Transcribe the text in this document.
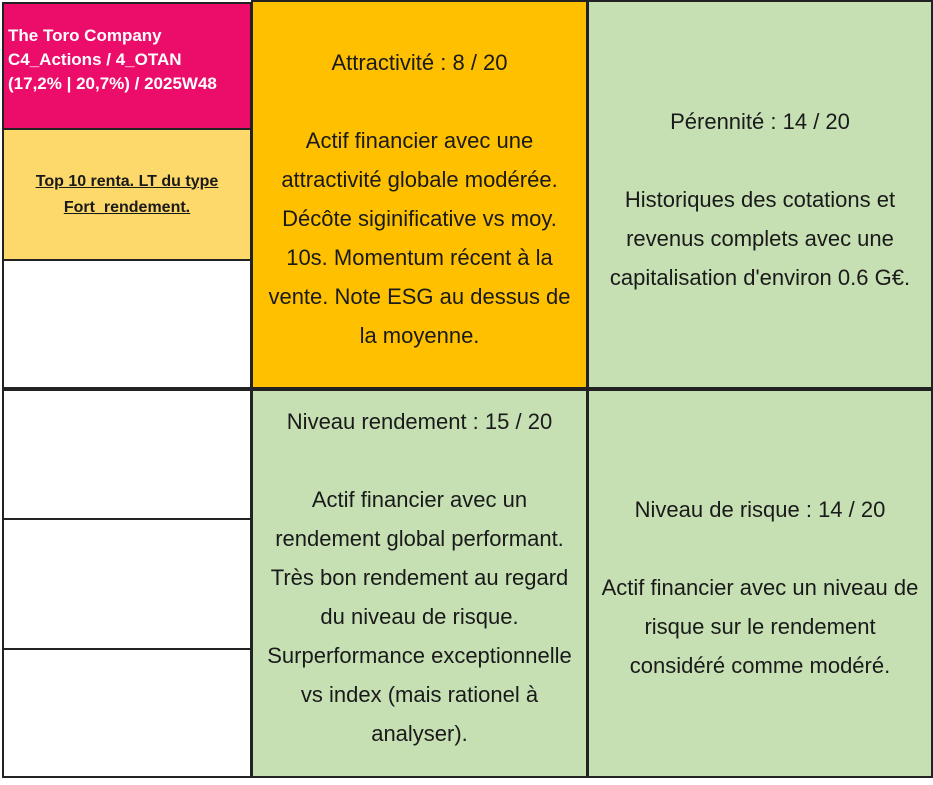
The Toro Company
C4_Actions / 4_OTAN
(17,2% | 20,7%) / 2025W48
Top 10 renta. LT du type
Fort_rendement.
Attractivité : 8 / 20
Actif financier avec une
attractivité globale modérée.
Décôte siginificative vs moy.
10s. Momentum récent à la
vente. Note ESG au dessus de
la moyenne.
Pérennité : 14 / 20
Historiques des cotations et
revenus complets avec une
capitalisation d'environ 0.6 G€.
Niveau rendement : 15 / 20
Actif financier avec un
rendement global performant.
Très bon rendement au regard
du niveau de risque.
Surperformance exceptionnelle
vs index (mais rationel à
analyser).
Niveau de risque : 14 / 20
Actif financier avec un niveau de
risque sur le rendement
considéré comme modéré.
